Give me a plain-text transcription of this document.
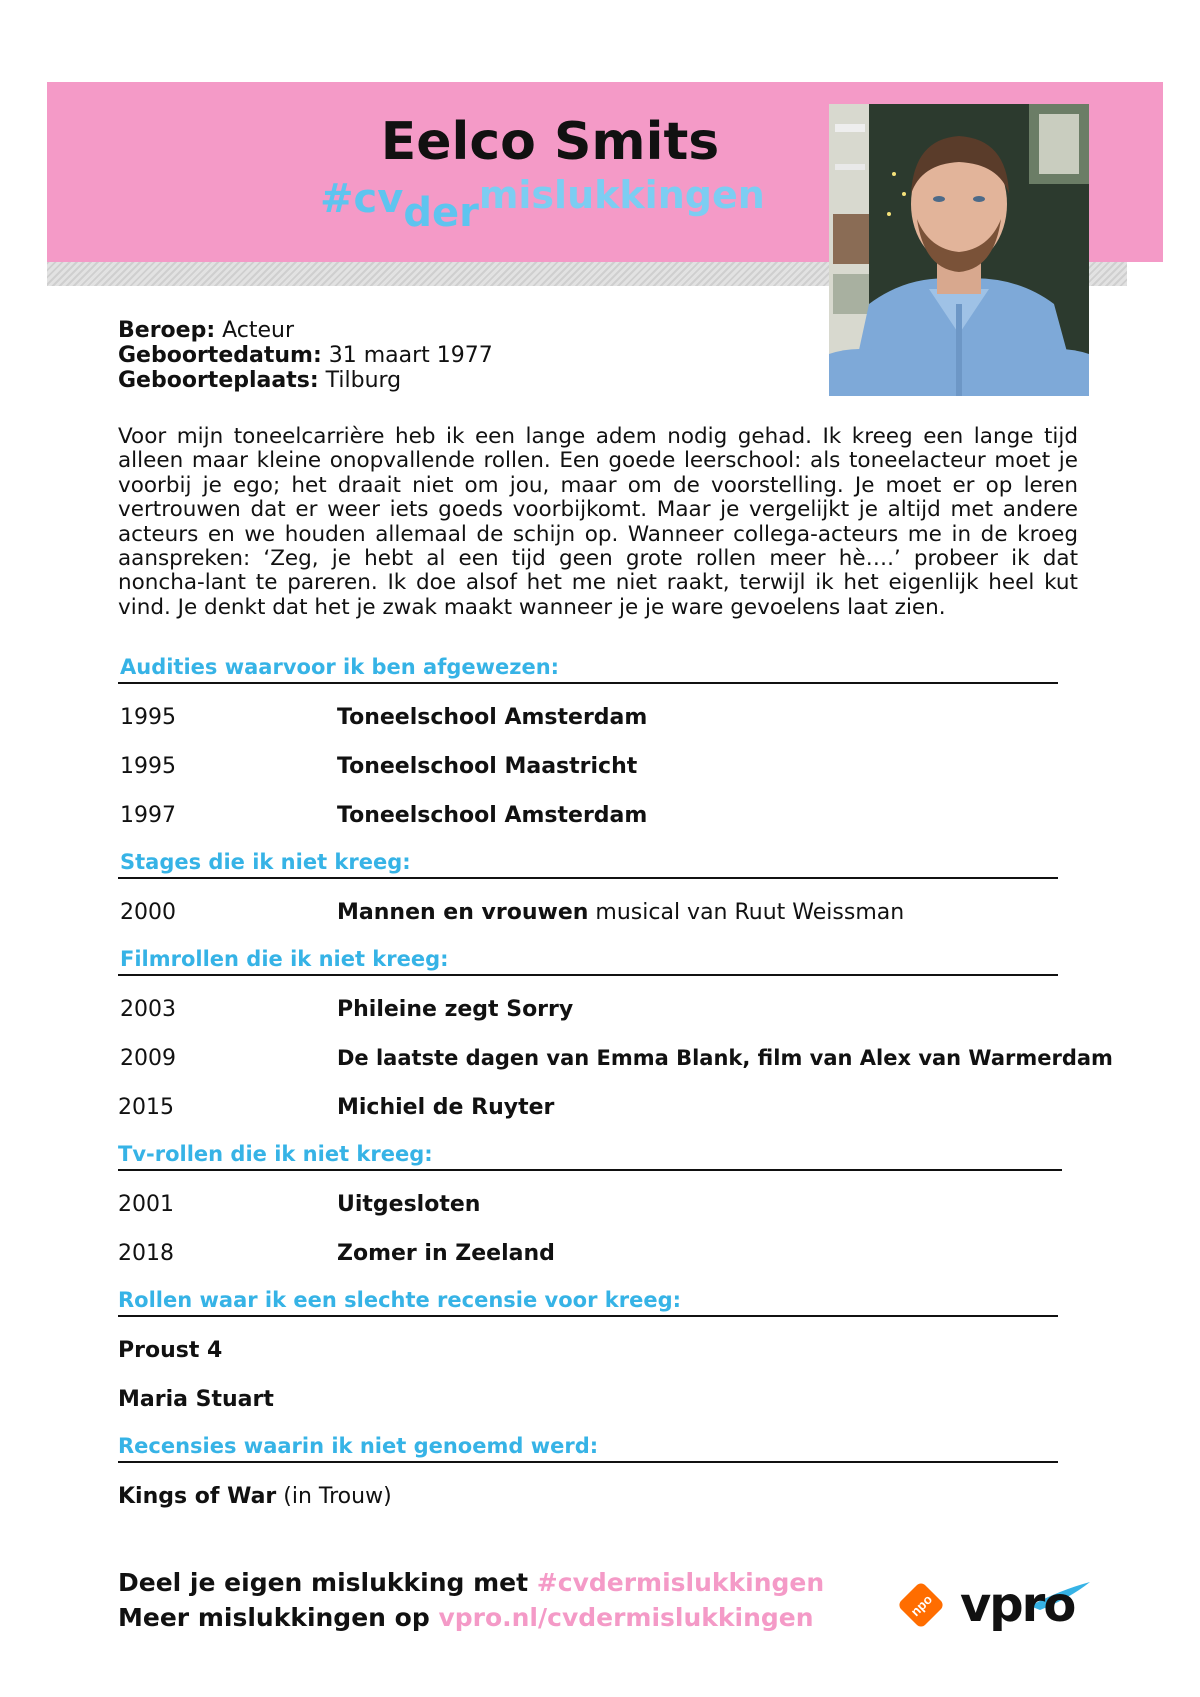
Eelco Smits
#cvdermislukkingen
Beroep: Acteur
Geboortedatum: 31 maart 1977
Geboorteplaats: Tilburg
Voor mijn toneelcarrière heb ik een lange adem nodig gehad. Ik kreeg een lange tijd alleen maar kleine onopvallende rollen. Een goede leerschool: als toneelacteur moet je voorbij je ego; het draait niet om jou, maar om de voorstelling. Je moet er op leren vertrouwen dat er weer iets goeds voorbijkomt. Maar je vergelijkt je altijd met andere acteurs en we houden allemaal de schijn op. Wanneer collega-acteurs me in de kroeg aanspreken: ‘Zeg, je hebt al een tijd geen grote rollen meer hè….’ probeer ik dat noncha-lant te pareren. Ik doe alsof het me niet raakt, terwijl ik het eigenlijk heel kut vind. Je denkt dat het je zwak maakt wanneer je je ware gevoelens laat zien.
Audities waarvoor ik ben afgewezen:
1995	Toneelschool Amsterdam
1995	Toneelschool Maastricht
1997	Toneelschool Amsterdam
Stages die ik niet kreeg:
2000	Mannen en vrouwen musical van Ruut Weissman
Filmrollen die ik niet kreeg:
2003	Phileine zegt Sorry
2009	De laatste dagen van Emma Blank, film van Alex van Warmerdam
2015	Michiel de Ruyter
Tv-rollen die ik niet kreeg:
2001	Uitgesloten
2018	Zomer in Zeeland
Rollen waar ik een slechte recensie voor kreeg:
Proust 4
Maria Stuart
Recensies waarin ik niet genoemd werd:
Kings of War (in Trouw)
Deel je eigen mislukking met #cvdermislukkingen
Meer mislukkingen op vpro.nl/cvdermislukkingen	npo vpro
